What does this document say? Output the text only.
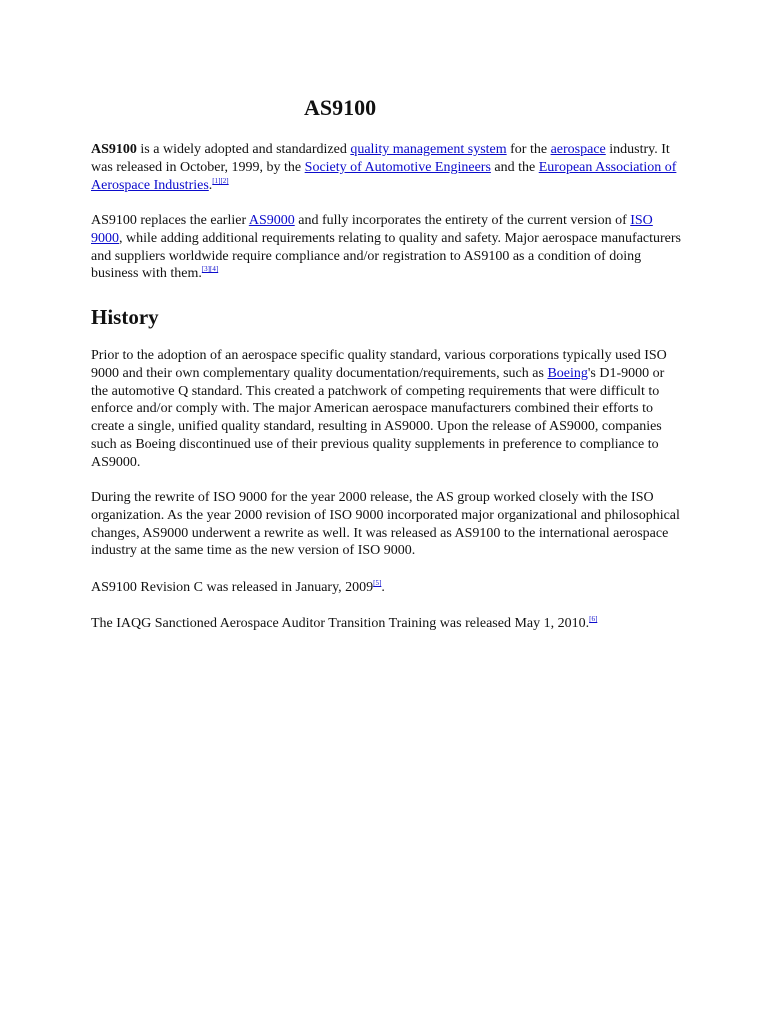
AS9100

AS9100 is a widely adopted and standardized quality management system for the aerospace industry. It was released in October, 1999, by the Society of Automotive Engineers and the European Association of Aerospace Industries.[1][2]

AS9100 replaces the earlier AS9000 and fully incorporates the entirety of the current version of ISO 9000, while adding additional requirements relating to quality and safety. Major aerospace manufacturers and suppliers worldwide require compliance and/or registration to AS9100 as a condition of doing business with them.[3][4]

History

Prior to the adoption of an aerospace specific quality standard, various corporations typically used ISO 9000 and their own complementary quality documentation/requirements, such as Boeing's D1-9000 or the automotive Q standard. This created a patchwork of competing requirements that were difficult to enforce and/or comply with. The major American aerospace manufacturers combined their efforts to create a single, unified quality standard, resulting in AS9000. Upon the release of AS9000, companies such as Boeing discontinued use of their previous quality supplements in preference to compliance to AS9000.

During the rewrite of ISO 9000 for the year 2000 release, the AS group worked closely with the ISO organization. As the year 2000 revision of ISO 9000 incorporated major organizational and philosophical changes, AS9000 underwent a rewrite as well. It was released as AS9100 to the international aerospace industry at the same time as the new version of ISO 9000.

AS9100 Revision C was released in January, 2009[5].

The IAQG Sanctioned Aerospace Auditor Transition Training was released May 1, 2010.[6]
